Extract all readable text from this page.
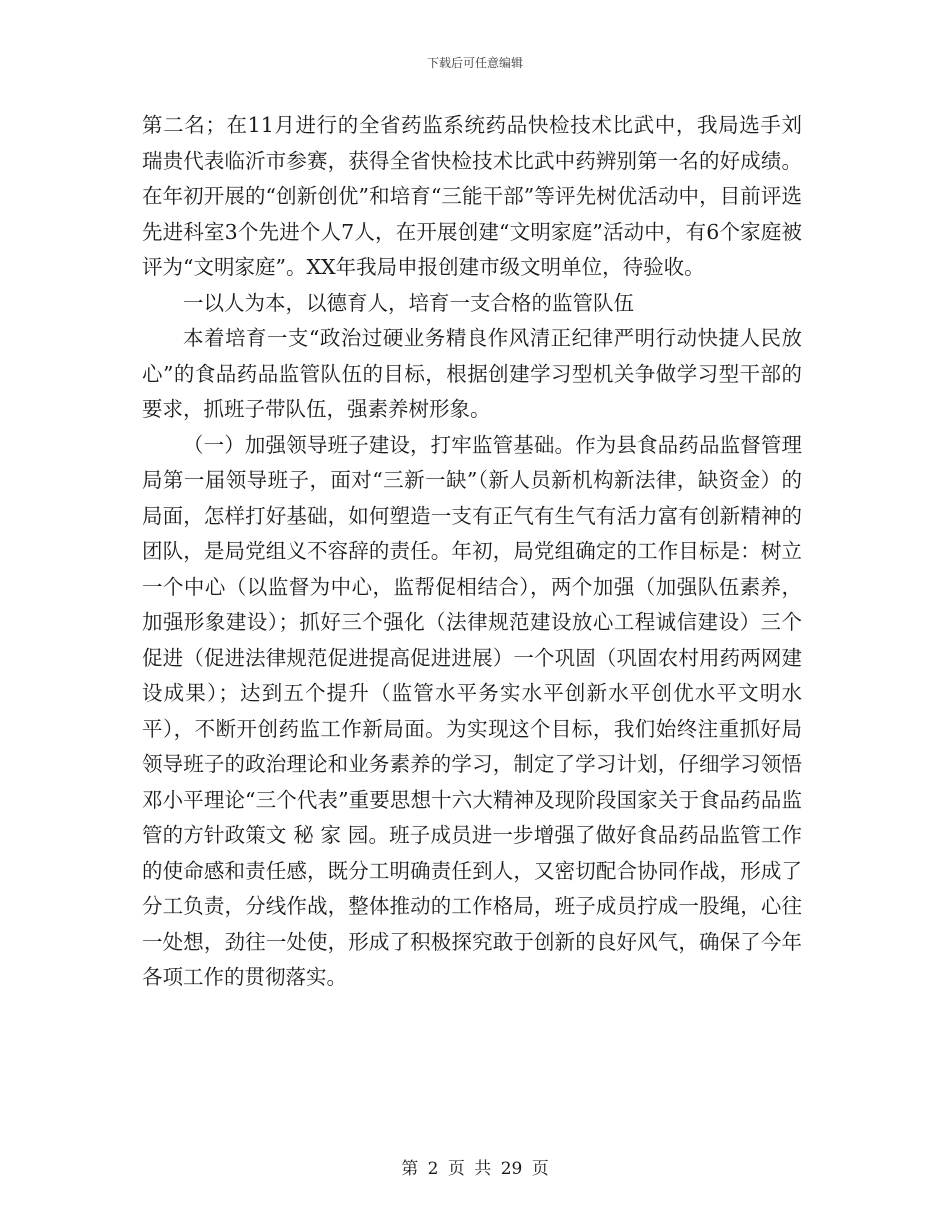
下载后可任意编辑

第二名；在11月进行的全省药监系统药品快检技术比武中，我局选手刘瑞贵代表临沂市参赛，获得全省快检技术比武中药辨别第一名的好成绩。在年初开展的“创新创优”和培育“三能干部”等评先树优活动中，目前评选先进科室3个先进个人7人，在开展创建“文明家庭”活动中，有6个家庭被评为“文明家庭”。XX年我局申报创建市级文明单位，待验收。

一以人为本，以德育人，培育一支合格的监管队伍

本着培育一支“政治过硬业务精良作风清正纪律严明行动快捷人民放心”的食品药品监管队伍的目标，根据创建学习型机关争做学习型干部的要求，抓班子带队伍，强素养树形象。

（一）加强领导班子建设，打牢监管基础。作为县食品药品监督管理局第一届领导班子，面对“三新一缺”（新人员新机构新法律，缺资金）的局面，怎样打好基础，如何塑造一支有正气有生气有活力富有创新精神的团队，是局党组义不容辞的责任。年初，局党组确定的工作目标是：树立一个中心（以监督为中心，监帮促相结合），两个加强（加强队伍素养，加强形象建设）；抓好三个强化（法律规范建设放心工程诚信建设）三个促进（促进法律规范促进提高促进进展）一个巩固（巩固农村用药两网建设成果）；达到五个提升（监管水平务实水平创新水平创优水平文明水平），不断开创药监工作新局面。为实现这个目标，我们始终注重抓好局领导班子的政治理论和业务素养的学习，制定了学习计划，仔细学习领悟邓小平理论“三个代表”重要思想十六大精神及现阶段国家关于食品药品监管的方针政策文 秘 家 园。班子成员进一步增强了做好食品药品监管工作的使命感和责任感，既分工明确责任到人，又密切配合协同作战，形成了分工负责，分线作战，整体推动的工作格局，班子成员拧成一股绳，心往一处想，劲往一处使，形成了积极探究敢于创新的良好风气，确保了今年各项工作的贯彻落实。

第 2 页 共 29 页
